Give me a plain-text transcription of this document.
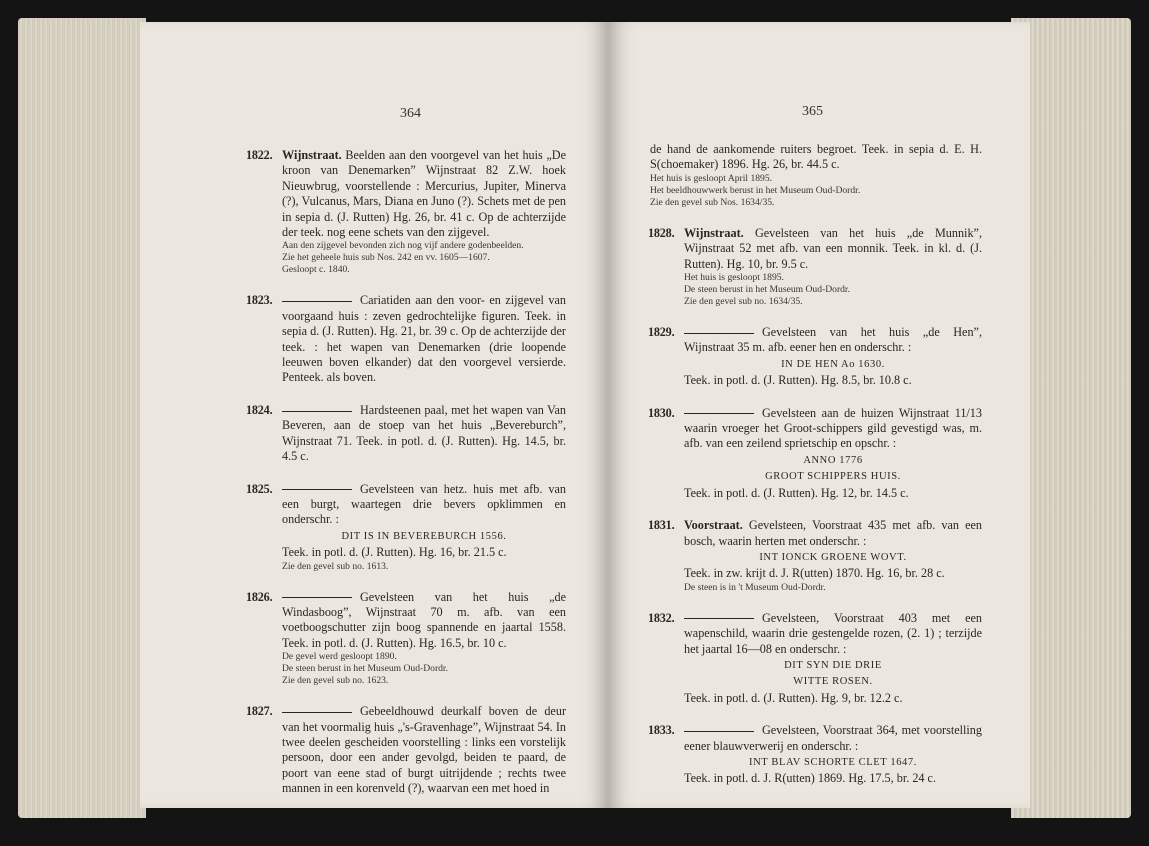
364	365
1822. Wijnstraat. Beelden aan den voorgevel van het huis „De kroon van Denemarken” Wijnstraat 82 Z.W. hoek Nieuwbrug, voorstellende : Mercurius, Jupiter, Minerva (?), Vulcanus, Mars, Diana en Juno (?). Schets met de pen in sepia d. (J. Rutten) Hg. 26, br. 41 c. Op de achterzijde der teek. nog eene schets van den zijgevel.
Aan den zijgevel bevonden zich nog vijf andere godenbeelden.
Zie het geheele huis sub Nos. 242 en vv. 1605—1607.
Gesloopt c. 1840.
1823.	Cariatiden aan den voor- en zijgevel van voorgaand huis : zeven gedrochtelijke figuren. Teek. in sepia d. (J. Rutten). Hg. 21, br. 39 c. Op de achterzijde der teek. : het wapen van Denemarken (drie loopende leeuwen boven elkander) dat den voorgevel versierde. Penteek. als boven.
1824.	Hardsteenen paal, met het wapen van Van Beveren, aan de stoep van het huis „Bevereburch”, Wijnstraat 71. Teek. in potl. d. (J. Rutten). Hg. 14.5, br. 4.5 c.
1825.	Gevelsteen van hetz. huis met afb. van een burgt, waartegen drie bevers opklimmen en onderschr. :
DIT IS IN BEVEREBURCH 1556.
Teek. in potl. d. (J. Rutten). Hg. 16, br. 21.5 c.
Zie den gevel sub no. 1613.
1826.	Gevelsteen van het huis „de Windasboog”, Wijnstraat 70 m. afb. van een voetboogschutter zijn boog spannende en jaartal 1558. Teek. in potl. d. (J. Rutten). Hg. 16.5, br. 10 c.
De gevel werd gesloopt 1890.
De steen berust in het Museum Oud-Dordr.
Zie den gevel sub no. 1623.
1827.	Gebeeldhouwd deurkalf boven de deur van het voormalig huis „'s-Gravenhage”, Wijnstraat 54. In twee deelen gescheiden voorstelling : links een vorstelijk persoon, door een ander gevolgd, beiden te paard, de poort van eene stad of burgt uitrijdende ; rechts twee mannen in een korenveld (?), waarvan een met hoed in
de hand de aankomende ruiters begroet. Teek. in sepia d. E. H. S(choemaker) 1896. Hg. 26, br. 44.5 c.
Het huis is gesloopt April 1895.
Het beeldhouwwerk berust in het Museum Oud-Dordr.
Zie den gevel sub Nos. 1634/35.
1828. Wijnstraat. Gevelsteen van het huis „de Munnik”, Wijnstraat 52 met afb. van een monnik. Teek. in kl. d. (J. Rutten). Hg. 10, br. 9.5 c.
Het huis is gesloopt 1895.
De steen berust in het Museum Oud-Dordr.
Zie den gevel sub no. 1634/35.
1829.	Gevelsteen van het huis „de Hen”, Wijnstraat 35 m. afb. eener hen en onderschr. :
IN DE HEN Ao 1630.
Teek. in potl. d. (J. Rutten). Hg. 8.5, br. 10.8 c.
1830.	Gevelsteen aan de huizen Wijnstraat 11/13 waarin vroeger het Groot-schippers gild gevestigd was, m. afb. van een zeilend sprietschip en opschr. :
ANNO 1776
GROOT SCHIPPERS HUIS.
Teek. in potl. d. (J. Rutten). Hg. 12, br. 14.5 c.
1831. Voorstraat. Gevelsteen, Voorstraat 435 met afb. van een bosch, waarin herten met onderschr. :
INT IONCK GROENE WOVT.
Teek. in zw. krijt d. J. R(utten) 1870. Hg. 16, br. 28 c.
De steen is in 't Museum Oud-Dordr.
1832.	Gevelsteen, Voorstraat 403 met een wapenschild, waarin drie gestengelde rozen, (2. 1) ; terzijde het jaartal 16—08 en onderschr. :
DIT SYN DIE DRIE
WITTE ROSEN.
Teek. in potl. d. (J. Rutten). Hg. 9, br. 12.2 c.
1833.	Gevelsteen, Voorstraat 364, met voorstelling eener blauwverwerij en onderschr. :
INT BLAV SCHORTE CLET 1647.
Teek. in potl. d. J. R(utten) 1869. Hg. 17.5, br. 24 c.
